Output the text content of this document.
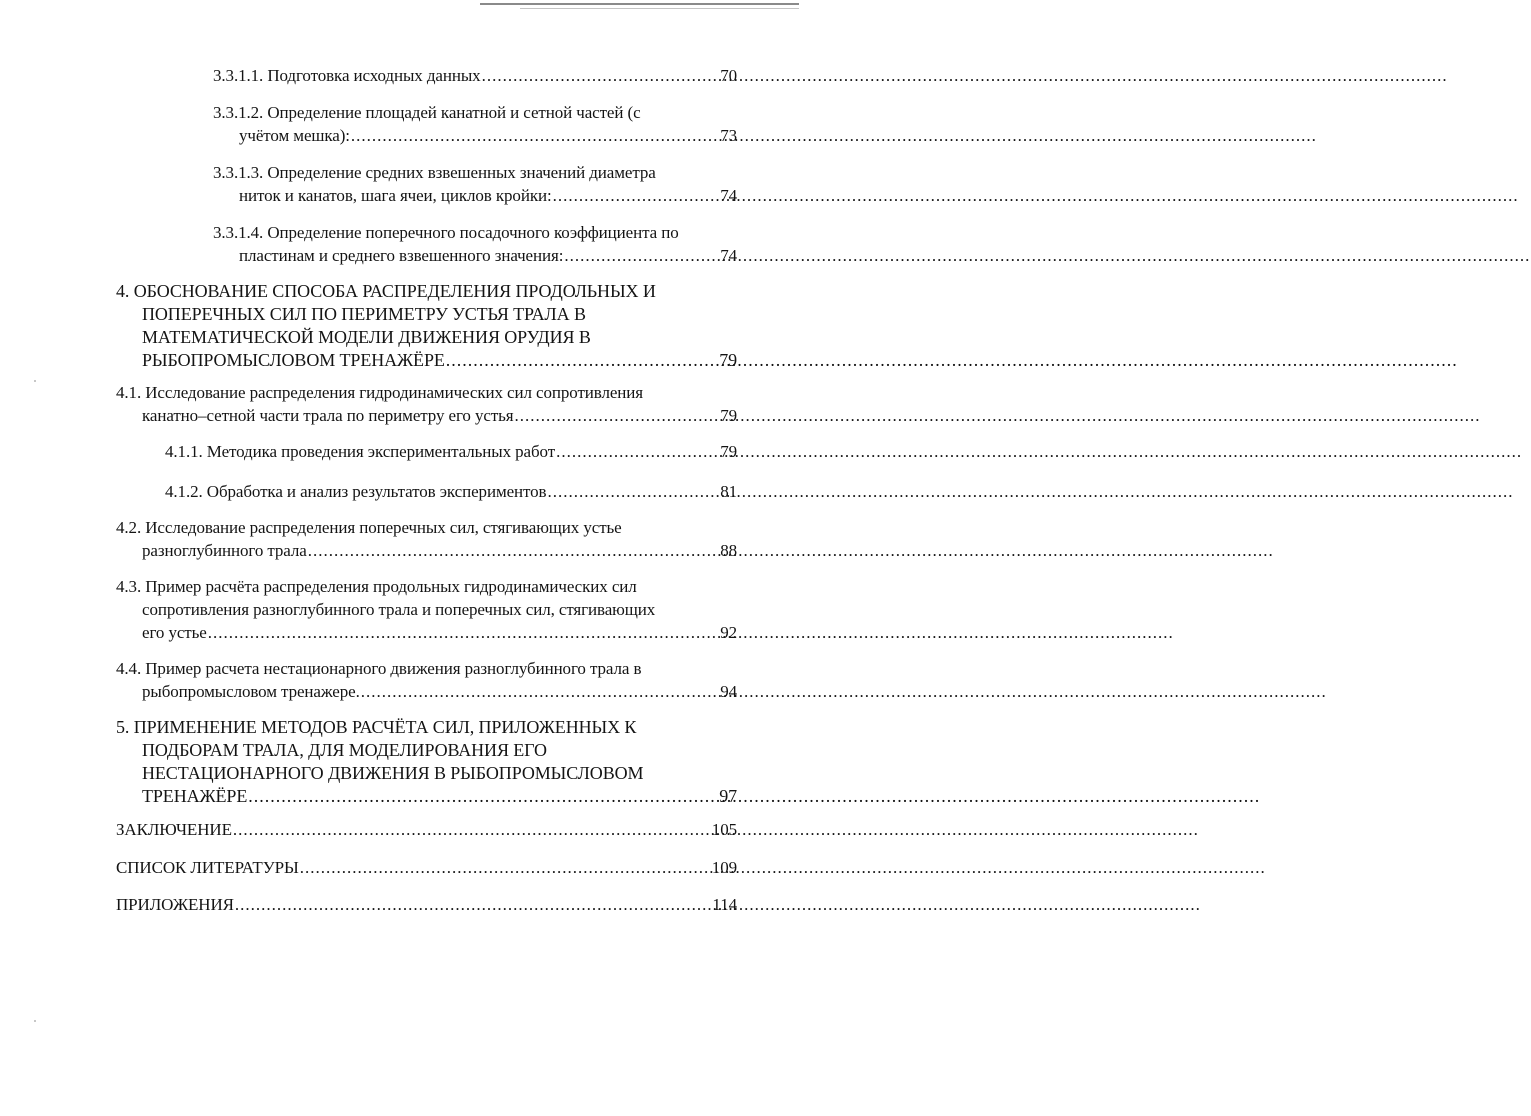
3.3.1.1. Подготовка исходных данных .....	70
3.3.1.2. Определение площадей канатной и сетной частей (с
учётом мешка): .....	73
3.3.1.3. Определение средних взвешенных значений диаметра
ниток и канатов, шага ячеи, циклов кройки: .....	74
3.3.1.4. Определение поперечного посадочного коэффициента по
пластинам и среднего взвешенного значения: .....	74
4. ОБОСНОВАНИЕ СПОСОБА РАСПРЕДЕЛЕНИЯ ПРОДОЛЬНЫХ И
ПОПЕРЕЧНЫХ СИЛ ПО ПЕРИМЕТРУ УСТЬЯ ТРАЛА В
МАТЕМАТИЧЕСКОЙ МОДЕЛИ ДВИЖЕНИЯ ОРУДИЯ В
РЫБОПРОМЫСЛОВОМ ТРЕНАЖЁРЕ .....	79
4.1. Исследование распределения гидродинамических сил сопротивления
канатно–сетной части трала по периметру его устья .....	79
4.1.1. Методика проведения экспериментальных работ .....	79
4.1.2. Обработка и анализ результатов экспериментов .....	81
4.2. Исследование распределения поперечных сил, стягивающих устье
разноглубинного трала .....	88
4.3. Пример расчёта распределения продольных гидродинамических сил
сопротивления разноглубинного трала и поперечных сил, стягивающих
его устье .....	92
4.4. Пример расчета нестационарного движения разноглубинного трала в
рыбопромысловом тренажере. .....	94
5. ПРИМЕНЕНИЕ МЕТОДОВ РАСЧЁТА СИЛ, ПРИЛОЖЕННЫХ К
ПОДБОРАМ ТРАЛА, ДЛЯ МОДЕЛИРОВАНИЯ ЕГО
НЕСТАЦИОНАРНОГО ДВИЖЕНИЯ В РЫБОПРОМЫСЛОВОМ
ТРЕНАЖЁРЕ .....	97
ЗАКЛЮЧЕНИЕ .....	105
СПИСОК ЛИТЕРАТУРЫ .....	109
ПРИЛОЖЕНИЯ .....	114
